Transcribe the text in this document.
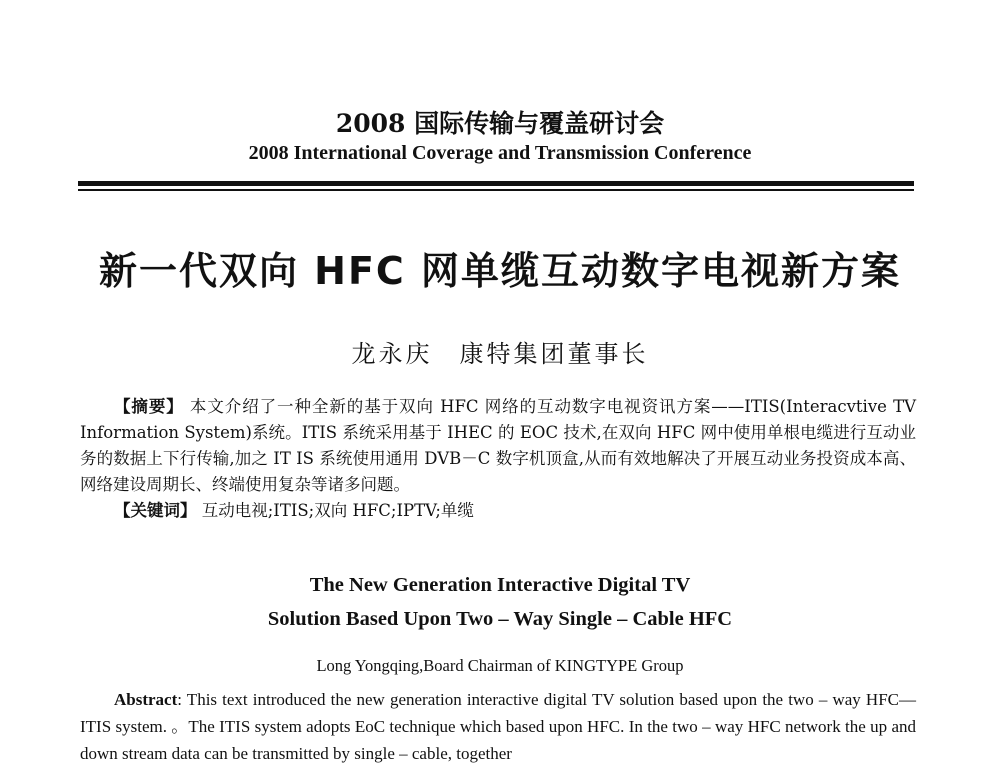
2008 国际传输与覆盖研讨会
2008 International Coverage and Transmission Conference
新一代双向 HFC 网单缆互动数字电视新方案
龙永庆　康特集团董事长

【摘要】 本文介绍了一种全新的基于双向 HFC 网络的互动数字电视资讯方案——ITIS(Interacvtive TV Information System)系统。ITIS 系统采用基于 IHEC 的 EOC 技术,在双向 HFC 网中使用单根电缆进行互动业务的数据上下行传输,加之 IT IS 系统使用通用 DVB－C 数字机顶盒,从而有效地解决了开展互动业务投资成本高、网络建设周期长、终端使用复杂等诸多问题。

【关键词】 互动电视;ITIS;双向 HFC;IPTV;单缆

The New Generation Interactive Digital TV
Solution Based Upon Two – Way Single – Cable HFC
Long Yongqing,Board Chairman of KINGTYPE Group

Abstract: This text introduced the new generation interactive digital TV solution based upon the two – way HFC—ITIS system. 。The ITIS system adopts EoC technique which based upon HFC. In the two – way HFC network the up and down stream data can be transmitted by single – cable, together
